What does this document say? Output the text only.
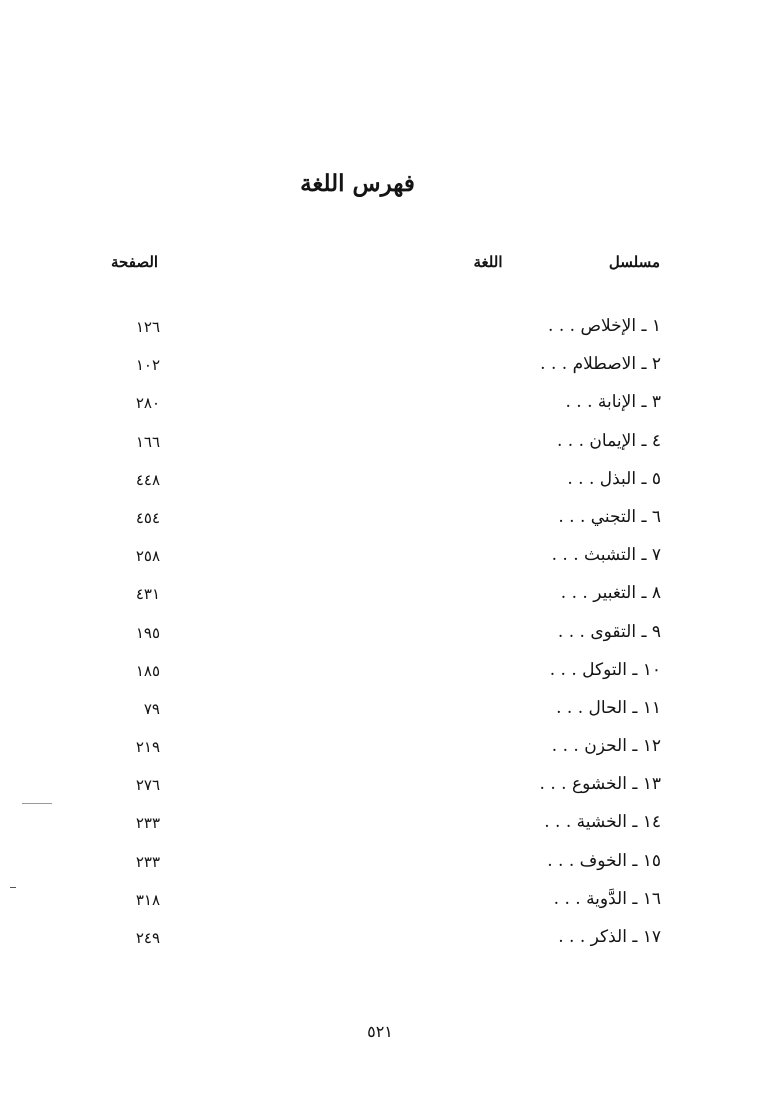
فهرس اللغة
مسلسل
اللغة
الصفحة
١ ـ الإخلاص . . .
١٢٦
٢ ـ الاصطلام . . .
١٠٢
٣ ـ الإنابة . . .
٢٨٠
٤ ـ الإيمان . . .
١٦٦
٥ ـ البذل . . .
٤٤٨
٦ ـ التجني . . .
٤٥٤
٧ ـ التشبث . . .
٢٥٨
٨ ـ التغبير . . .
٤٣١
٩ ـ التقوى . . .
١٩٥
١٠ ـ التوكل . . .
١٨٥
١١ ـ الحال . . .
٧٩
١٢ ـ الحزن . . .
٢١٩
١٣ ـ الخشوع . . .
٢٧٦
١٤ ـ الخشية . . .
٢٣٣
١٥ ـ الخوف . . .
٢٣٣
١٦ ـ الدَّوية . . .
٣١٨
١٧ ـ الذكر . . .
٢٤٩
٥٢١
